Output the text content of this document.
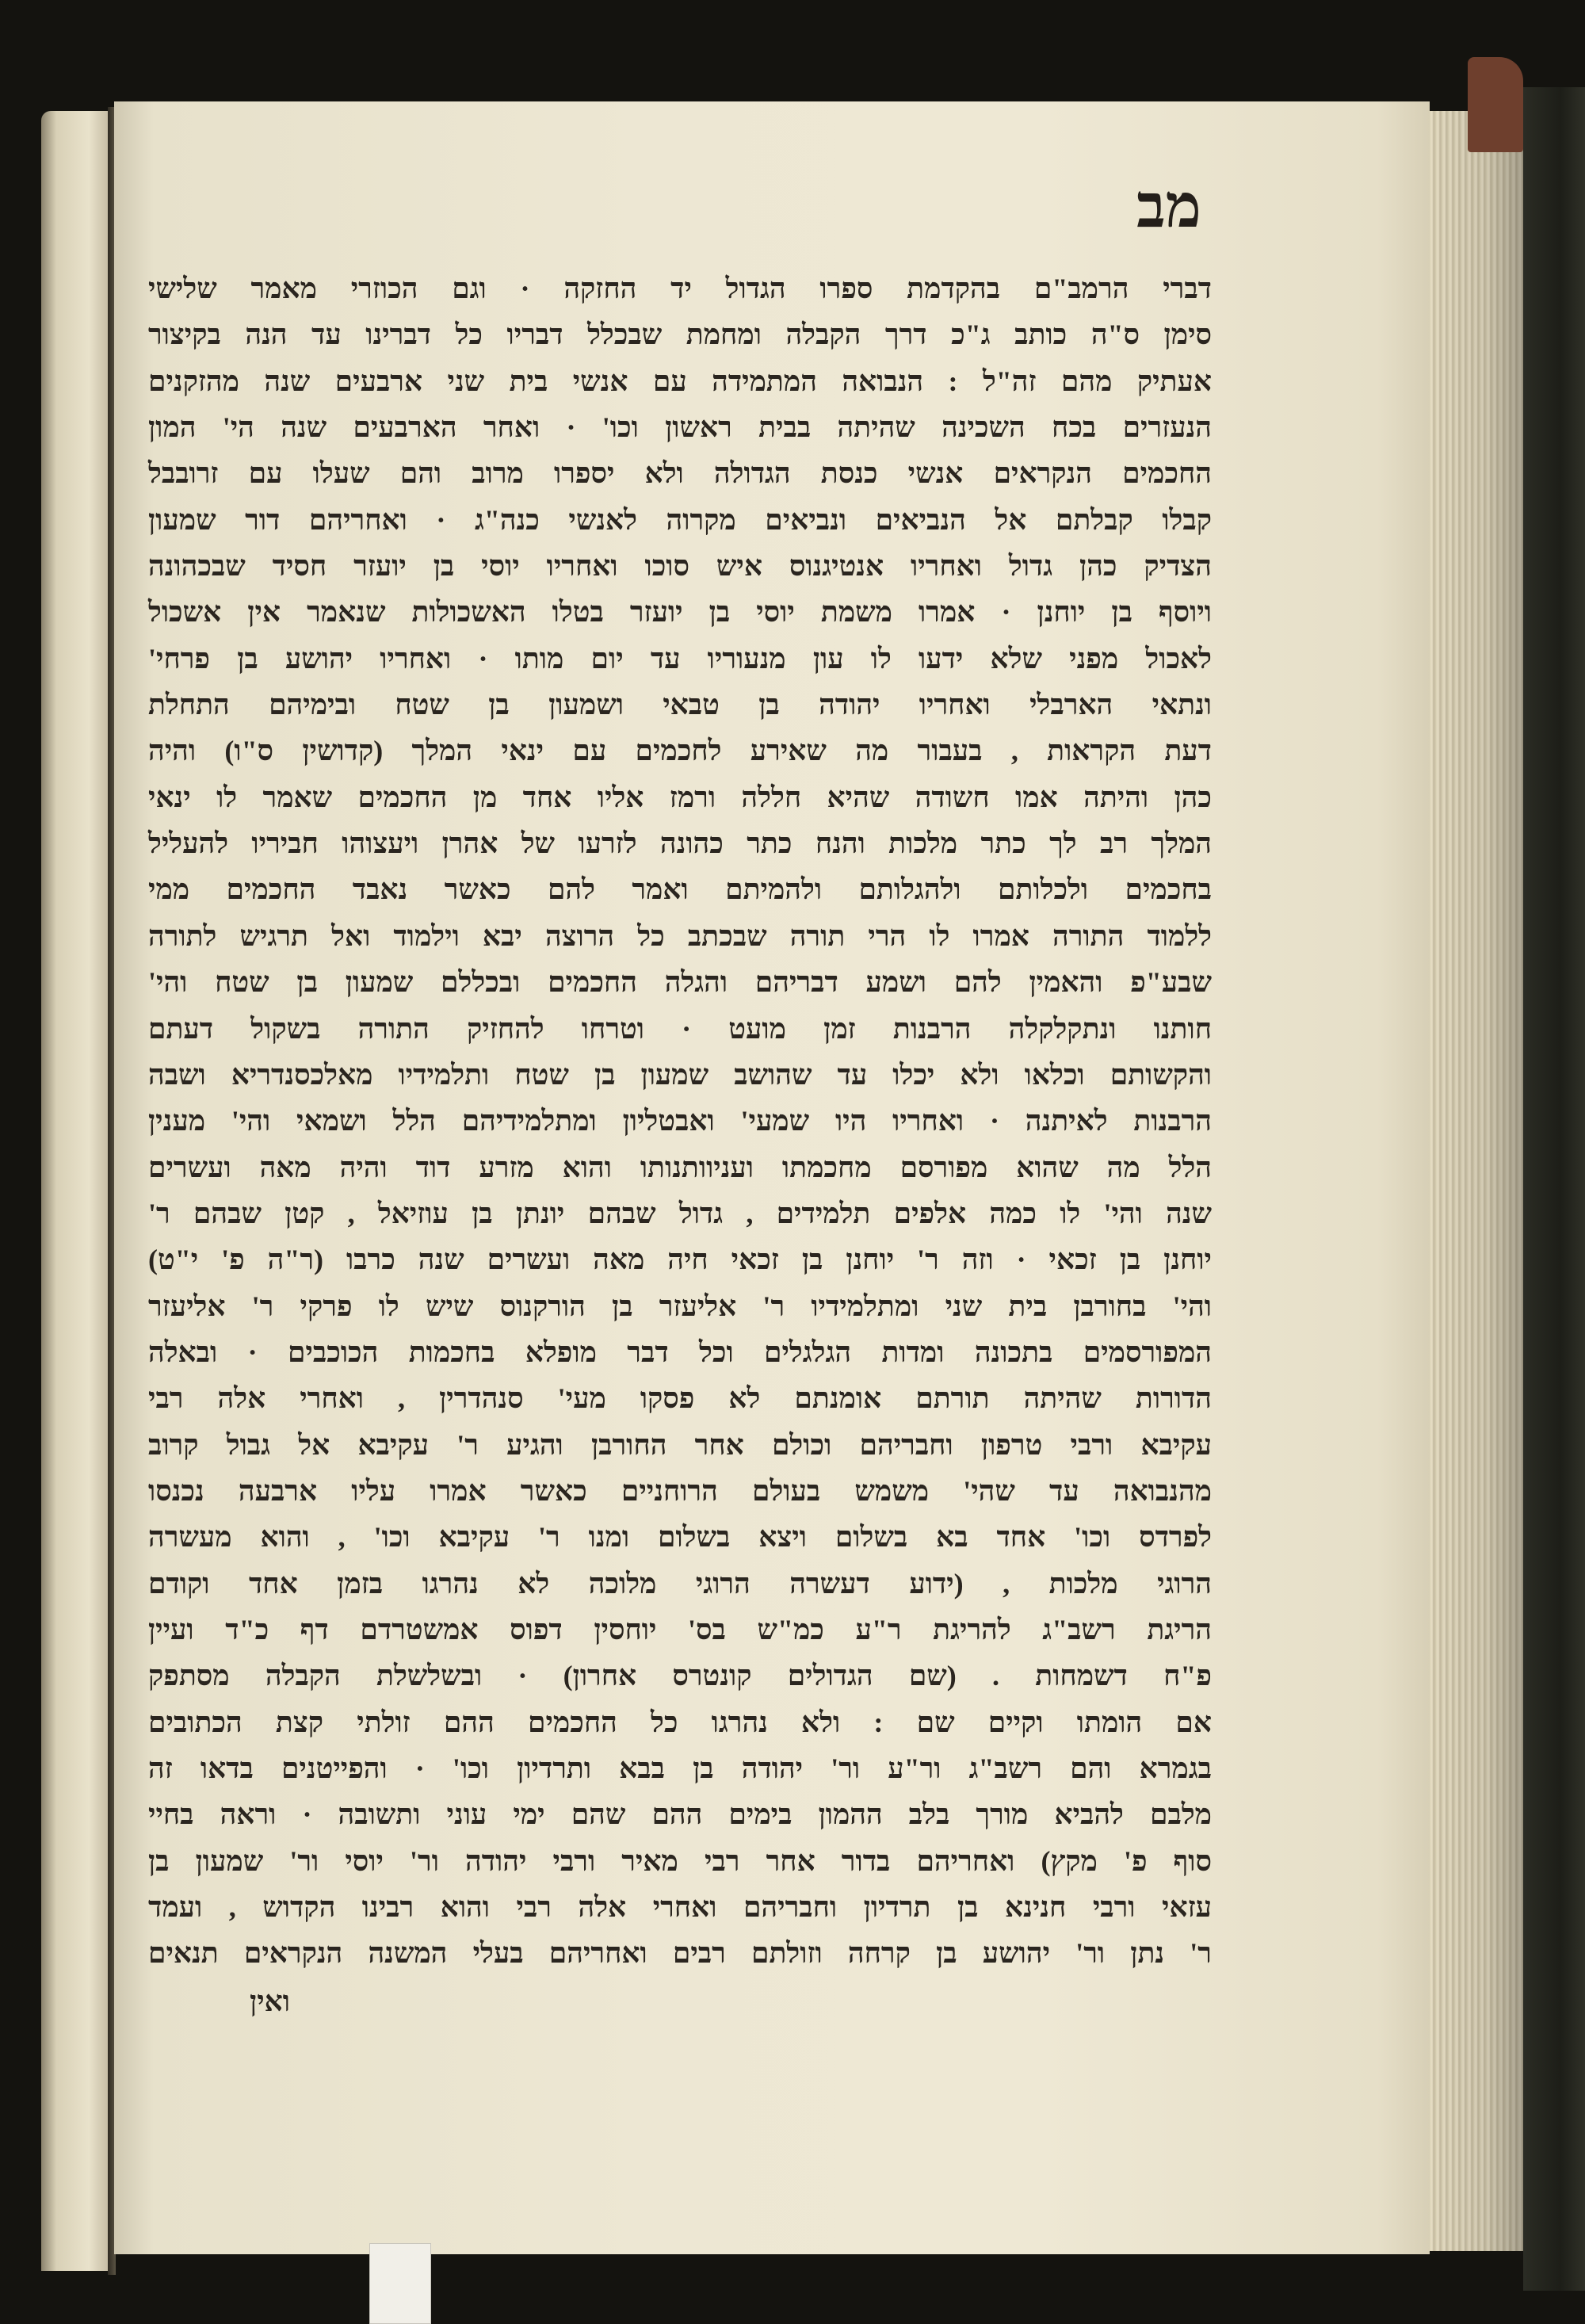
מב
דברי הרמב"ם בהקדמת ספרו הגדול יד החזקה · וגם הכוזרי מאמר שלישי
סימן ס"ה כותב ג"כ דרך הקבלה ומחמת שבכלל דבריו כל דברינו עד הנה בקיצור
אעתיק מהם זה"ל : הנבואה המתמידה עם אנשי בית שני ארבעים שנה מהזקנים
הנעזרים בכח השכינה שהיתה בבית ראשון וכו' · ואחר הארבעים שנה הי' המון
החכמים הנקראים אנשי כנסת הגדולה ולא יספרו מרוב והם שעלו עם זרובבל
קבלו קבלתם אל הנביאים ונביאים מקרוה לאנשי כנה"ג · ואחריהם דור שמעון
הצדיק כהן גדול ואחריו אנטיגנוס איש סוכו ואחריו יוסי בן יועזר חסיד שבכהונה
ויוסף בן יוחנן · אמרו משמת יוסי בן יועזר בטלו האשכולות שנאמר אין אשכול
לאכול מפני שלא ידעו לו עון מנעוריו עד יום מותו · ואחריו יהושע בן פרחי'
ונתאי הארבלי ואחריו יהודה בן טבאי ושמעון בן שטח ובימיהם התחלת
דעת הקראות , בעבור מה שאירע לחכמים עם ינאי המלך (קדושין ס"ו) והיה
כהן והיתה אמו חשודה שהיא חללה ורמז אליו אחד מן החכמים שאמר לו ינאי
המלך רב לך כתר מלכות והנח כתר כהונה לזרעו של אהרן ויעצוהו חביריו להעליל
בחכמים ולכלותם ולהגלותם ולהמיתם ואמר להם כאשר נאבד החכמים ממי
ללמוד התורה אמרו לו הרי תורה שבכתב כל הרוצה יבא וילמוד ואל תרגיש לתורה
שבע"פ והאמין להם ושמע דבריהם והגלה החכמים ובכללם שמעון בן שטח והי'
חותנו ונתקלקלה הרבנות זמן מועט · וטרחו להחזיק התורה בשקול דעתם
והקשותם וכלאו ולא יכלו עד שהושב שמעון בן שטח ותלמידיו מאלכסנדריא ושבה
הרבנות לאיתנה · ואחריו היו שמעי' ואבטליון ומתלמידיהם הלל ושמאי והי' מענין
הלל מה שהוא מפורסם מחכמתו ועניוותנותו והוא מזרע דוד והיה מאה ועשרים
שנה והי' לו כמה אלפים תלמידים , גדול שבהם יונתן בן עוזיאל , קטן שבהם ר'
יוחנן בן זכאי · וזה ר' יוחנן בן זכאי חיה מאה ועשרים שנה כרבו (ר"ה פ' י"ט)
והי' בחורבן בית שני ומתלמידיו ר' אליעזר בן הורקנוס שיש לו פרקי ר' אליעזר
המפורסמים בתכונה ומדות הגלגלים וכל דבר מופלא בחכמות הכוכבים · ובאלה
הדורות שהיתה תורתם אומנתם לא פסקו מעי' סנהדרין , ואחרי אלה רבי
עקיבא ורבי טרפון וחבריהם וכולם אחר החורבן והגיע ר' עקיבא אל גבול קרוב
מהנבואה עד שהי' משמש בעולם הרוחניים כאשר אמרו עליו ארבעה נכנסו
לפרדס וכו' אחד בא בשלום ויצא בשלום ומנו ר' עקיבא וכו' , והוא מעשרה
הרוגי מלכות , (ידוע דעשרה הרוגי מלוכה לא נהרגו בזמן אחד וקודם
הריגת רשב"ג להריגת ר"ע כמ"ש בס' יוחסין דפוס אמשטרדם דף כ"ד ועיין
פ"ח דשמחות . (שם הגדולים קונטרס אחרון) · ובשלשלת הקבלה מסתפק
אם הומתו וקיים שם : ולא נהרגו כל החכמים ההם זולתי קצת הכתובים
בגמרא והם רשב"ג ור"ע ור' יהודה בן בבא ותרדיון וכו' · והפייטנים בדאו זה
מלבם להביא מורך בלב ההמון בימים ההם שהם ימי עוני ותשובה · וראה בחיי
סוף פ' מקץ) ואחריהם בדור אחר רבי מאיר ורבי יהודה ור' יוסי ור' שמעון בן
עזאי ורבי חנינא בן תרדיון וחבריהם ואחרי אלה רבי והוא רבינו הקדוש , ועמד
ר' נתן ור' יהושע בן קרחה וזולתם רבים ואחריהם בעלי המשנה הנקראים תנאים
ואין
